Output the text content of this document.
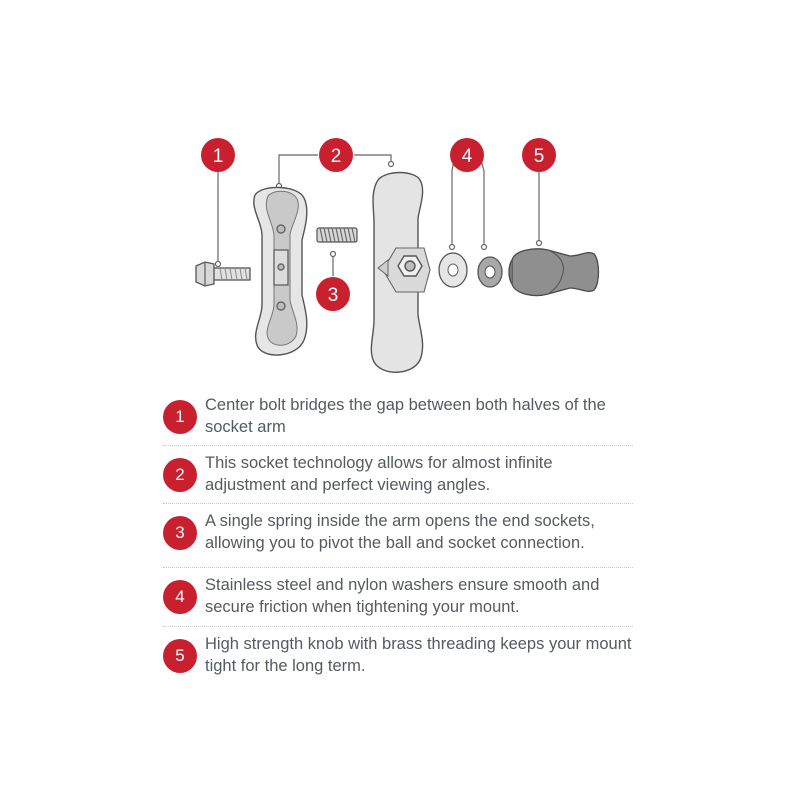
1	2
3
4	5
1
Center bolt bridges the gap between both halves of the socket arm
2
This socket technology allows for almost infinite adjustment and perfect viewing angles.
3
A single spring inside the arm opens the end sockets, allowing you to pivot the ball and socket connection.
4
Stainless steel and nylon washers ensure smooth and secure friction when tightening your mount.
5
High strength knob with brass threading keeps your mount tight for the long term.
